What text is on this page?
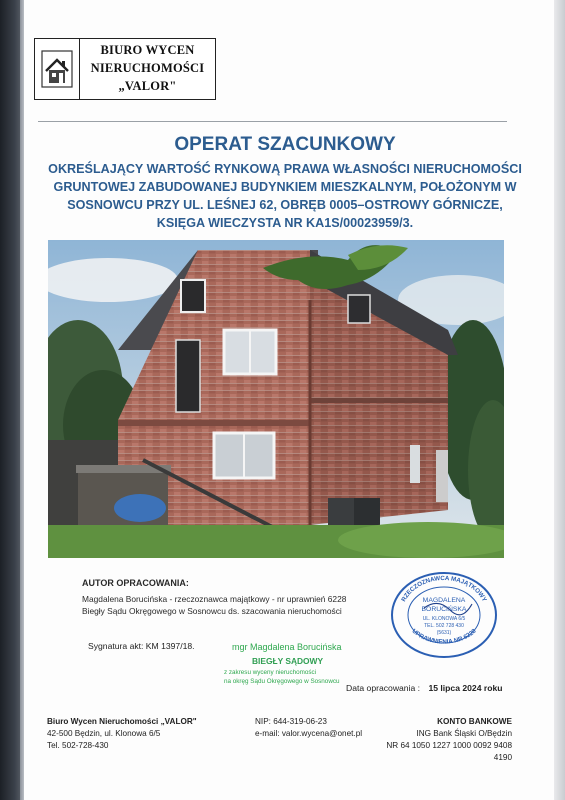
BIURO WYCEN
NIERUCHOMOŚCI
„VALOR"
OPERAT SZACUNKOWY
OKREŚLAJĄCY WARTOŚĆ RYNKOWĄ PRAWA WŁASNOŚCI NIERUCHOMOŚCI
GRUNTOWEJ ZABUDOWANEJ BUDYNKIEM MIESZKALNYM, POŁOŻONYM W
SOSNOWCU PRZY UL. LEŚNEJ 62, OBRĘB 0005–OSTROWY GÓRNICZE,
KSIĘGA WIECZYSTA NR KA1S/00023959/3.
AUTOR OPRACOWANIA:
Magdalena Borucińska - rzeczoznawca majątkowy - nr uprawnień 6228
Biegły Sądu Okręgowego w Sosnowcu ds. szacowania nieruchomości
Sygnatura akt: KM 1397/18.	mgr Magdalena Borucińska
BIEGŁY SĄDOWY
z zakresu wyceny nieruchomości
na okręg Sądu Okręgowego w Sosnowcu
Data opracowania : 15 lipca 2024 roku
RZECZOZNAWCA MAJĄTKOWY
UPRAWNIENIA NR 6228
MAGDALENA
BORUCIŃSKA
UL. KLONOWA 6/5
TEL. 502 728 430
(5631)
Biuro Wycen Nieruchomości „VALOR"
42-500 Będzin, ul. Klonowa 6/5
Tel. 502-728-430
NIP: 644-319-06-23
e-mail: valor.wycena@onet.pl
KONTO BANKOWE
ING Bank Śląski O/Będzin
NR 64 1050 1227 1000 0092 9408 4190
